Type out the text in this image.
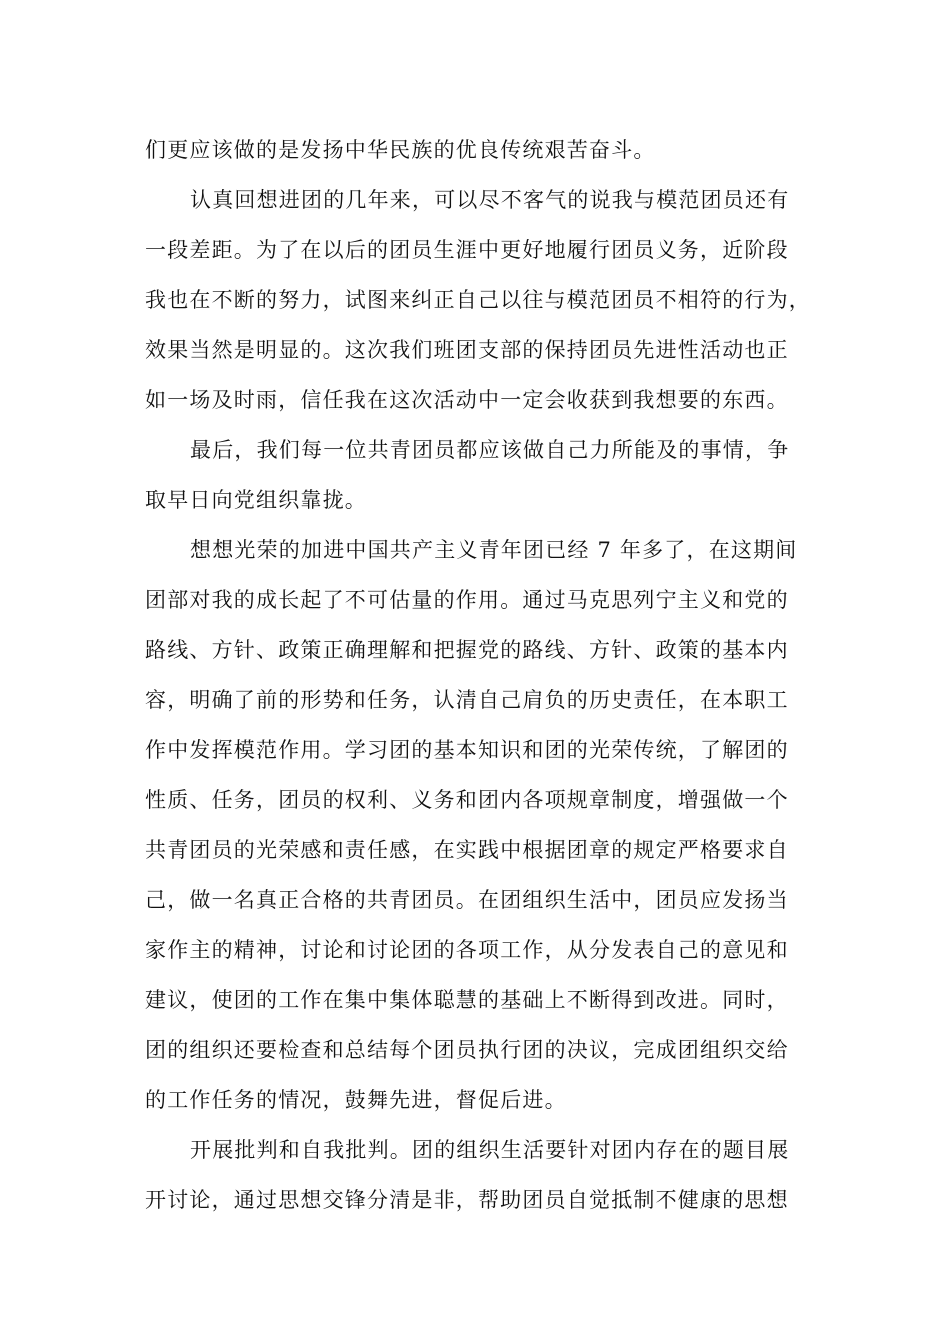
们更应该做的是发扬中华民族的优良传统艰苦奋斗。
认真回想进团的几年来，可以尽不客气的说我与模范团员还有
一段差距。为了在以后的团员生涯中更好地履行团员义务，近阶段
我也在不断的努力，试图来纠正自己以往与模范团员不相符的行为，
效果当然是明显的。这次我们班团支部的保持团员先进性活动也正
如一场及时雨，信任我在这次活动中一定会收获到我想要的东西。
最后，我们每一位共青团员都应该做自己力所能及的事情，争
取早日向党组织靠拢。
想想光荣的加进中国共产主义青年团已经 7 年多了，在这期间
团部对我的成长起了不可估量的作用。通过马克思列宁主义和党的
路线、方针、政策正确理解和把握党的路线、方针、政策的基本内
容，明确了前的形势和任务，认清自己肩负的历史责任，在本职工
作中发挥模范作用。学习团的基本知识和团的光荣传统，了解团的
性质、任务，团员的权利、义务和团内各项规章制度，增强做一个
共青团员的光荣感和责任感，在实践中根据团章的规定严格要求自
己，做一名真正合格的共青团员。在团组织生活中，团员应发扬当
家作主的精神，讨论和讨论团的各项工作，从分发表自己的意见和
建议，使团的工作在集中集体聪慧的基础上不断得到改进。同时，
团的组织还要检查和总结每个团员执行团的决议，完成团组织交给
的工作任务的情况，鼓舞先进，督促后进。
开展批判和自我批判。团的组织生活要针对团内存在的题目展
开讨论，通过思想交锋分清是非，帮助团员自觉抵制不健康的思想
